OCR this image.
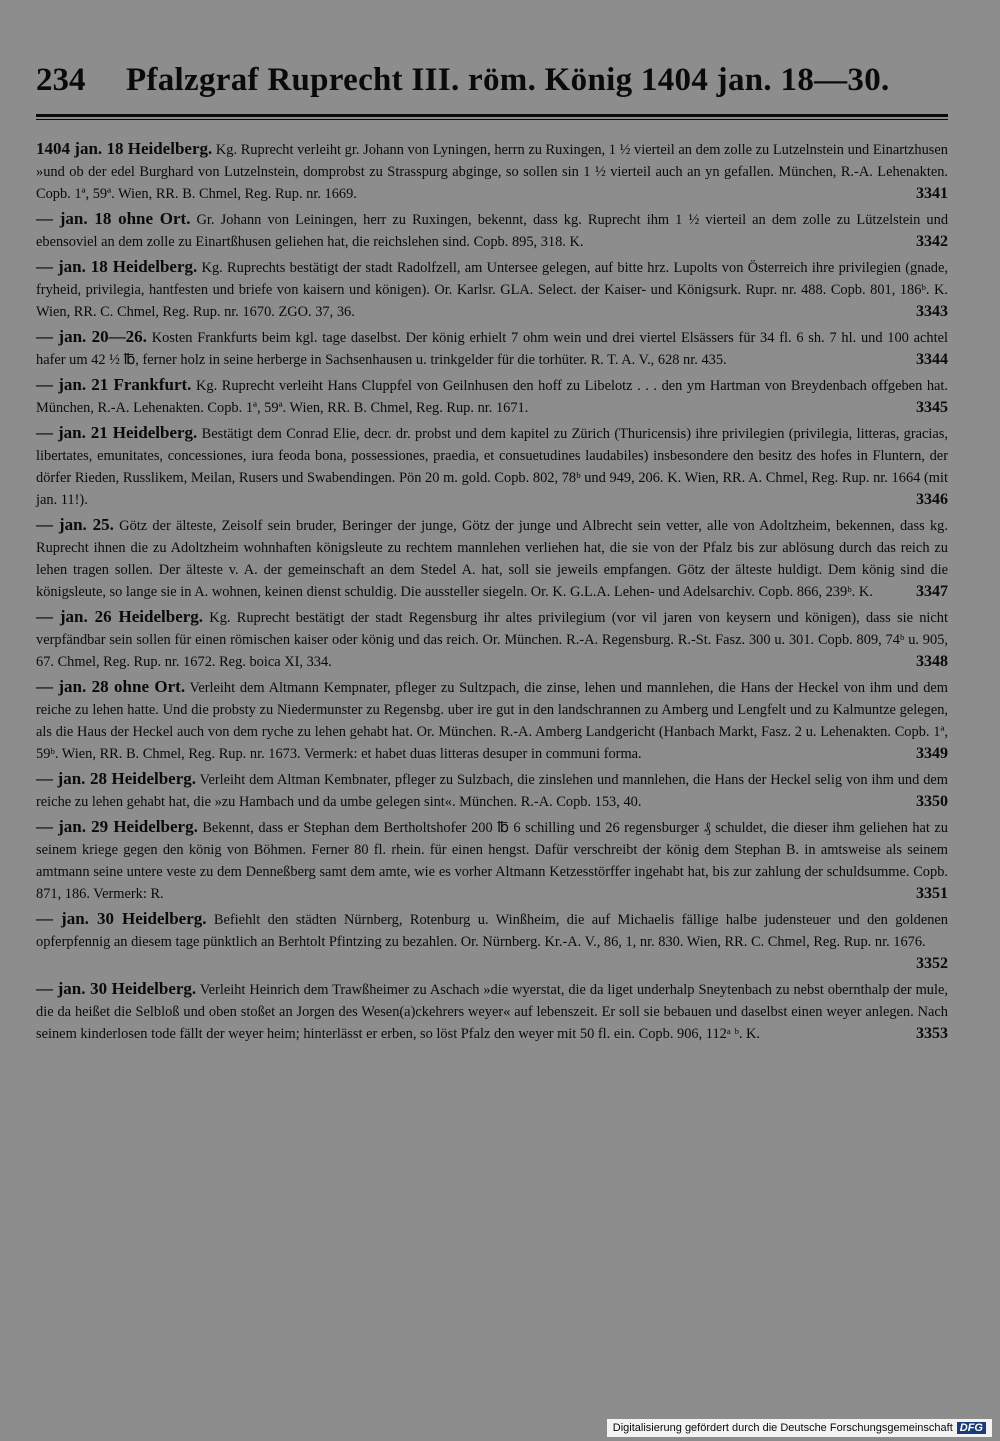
234	Pfalzgraf Ruprecht III. röm. König 1404 jan. 18—30.
1404 jan. 18 Heidelberg. Kg. Ruprecht verleiht gr. Johann von Lyningen, herrn zu Ruxingen, 1 ½ vierteil an dem zolle zu Lutzelnstein und Einartzhusen »und ob der edel Burghard von Lutzelnstein, domprobst zu Strasspurg abginge, so sollen sin 1 ½ vierteil auch an yn gefallen. München, R.-A. Lehenakten. Copb. 1ª, 59ª. Wien, RR. B. Chmel, Reg. Rup. nr. 1669.	3341
— jan. 18 ohne Ort. Gr. Johann von Leiningen, herr zu Ruxingen, bekennt, dass kg. Ruprecht ihm 1 ½ vierteil an dem zolle zu Lützelstein und ebensoviel an dem zolle zu Einartßhusen geliehen hat, die reichslehen sind. Copb. 895, 318. K.	3342
— jan. 18 Heidelberg. Kg. Ruprechts bestätigt der stadt Radolfzell, am Untersee gelegen, auf bitte hrz. Lupolts von Österreich ihre privilegien (gnade, fryheid, privilegia, hantfesten und briefe von kaisern und königen). Or. Karlsr. GLA. Select. der Kaiser- und Königsurk. Rupr. nr. 488. Copb. 801, 186ᵇ. K. Wien, RR. C. Chmel, Reg. Rup. nr. 1670. ZGO. 37, 36.	3343
— jan. 20—26. Kosten Frankfurts beim kgl. tage daselbst. Der könig erhielt 7 ohm wein und drei viertel Elsässers für 34 fl. 6 sh. 7 hl. und 100 achtel hafer um 42 ½ ℔, ferner holz in seine herberge in Sachsenhausen u. trinkgelder für die torhüter. R. T. A. V., 628 nr. 435.	3344
— jan. 21 Frankfurt. Kg. Ruprecht verleiht Hans Cluppfel von Geilnhusen den hoff zu Libelotz . . . den ym Hartman von Breydenbach offgeben hat. München, R.-A. Lehenakten. Copb. 1ª, 59ª. Wien, RR. B. Chmel, Reg. Rup. nr. 1671.	3345
— jan. 21 Heidelberg. Bestätigt dem Conrad Elie, decr. dr. probst und dem kapitel zu Zürich (Thuricensis) ihre privilegien (privilegia, litteras, gracias, libertates, emunitates, concessiones, iura feoda bona, possessiones, praedia, et consuetudines laudabiles) insbesondere den besitz des hofes in Fluntern, der dörfer Rieden, Russlikem, Meilan, Rusers und Swabendingen. Pön 20 m. gold. Copb. 802, 78ᵇ und 949, 206. K. Wien, RR. A. Chmel, Reg. Rup. nr. 1664 (mit jan. 11!).	3346
— jan. 25. Götz der älteste, Zeisolf sein bruder, Beringer der junge, Götz der junge und Albrecht sein vetter, alle von Adoltzheim, bekennen, dass kg. Ruprecht ihnen die zu Adoltzheim wohnhaften königsleute zu rechtem mannlehen verliehen hat, die sie von der Pfalz bis zur ablösung durch das reich zu lehen tragen sollen. Der älteste v. A. der gemeinschaft an dem Stedel A. hat, soll sie jeweils empfangen. Götz der älteste huldigt. Dem könig sind die königsleute, so lange sie in A. wohnen, keinen dienst schuldig. Die aussteller siegeln. Or. K. G.L.A. Lehen- und Adelsarchiv. Copb. 866, 239ᵇ. K.	3347
— jan. 26 Heidelberg. Kg. Ruprecht bestätigt der stadt Regensburg ihr altes privilegium (vor vil jaren von keysern und königen), dass sie nicht verpfändbar sein sollen für einen römischen kaiser oder könig und das reich. Or. München. R.-A. Regensburg. R.-St. Fasz. 300 u. 301. Copb. 809, 74ᵇ u. 905, 67. Chmel, Reg. Rup. nr. 1672. Reg. boica XI, 334.	3348
— jan. 28 ohne Ort. Verleiht dem Altmann Kempnater, pfleger zu Sultzpach, die zinse, lehen und mannlehen, die Hans der Heckel von ihm und dem reiche zu lehen hatte. Und die probsty zu Niedermunster zu Regensbg. uber ire gut in den landschrannen zu Amberg und Lengfelt und zu Kalmuntze gelegen, als die Haus der Heckel auch von dem ryche zu lehen gehabt hat. Or. München. R.-A. Amberg Landgericht (Hanbach Markt, Fasz. 2 u. Lehenakten. Copb. 1ª, 59ᵇ. Wien, RR. B. Chmel, Reg. Rup. nr. 1673. Vermerk: et habet duas litteras desuper in communi forma.	3349
— jan. 28 Heidelberg. Verleiht dem Altman Kembnater, pfleger zu Sulzbach, die zinslehen und mannlehen, die Hans der Heckel selig von ihm und dem reiche zu lehen gehabt hat, die »zu Hambach und da umbe gelegen sint«. München. R.-A. Copb. 153, 40.	3350
— jan. 29 Heidelberg. Bekennt, dass er Stephan dem Bertholtshofer 200 ℔ 6 schilling und 26 regensburger ₰ schuldet, die dieser ihm geliehen hat zu seinem kriege gegen den könig von Böhmen. Ferner 80 fl. rhein. für einen hengst. Dafür verschreibt der könig dem Stephan B. in amtsweise als seinem amtmann seine untere veste zu dem Denneßberg samt dem amte, wie es vorher Altmann Ketzesstörffer ingehabt hat, bis zur zahlung der schuldsumme. Copb. 871, 186. Vermerk: R.	3351
— jan. 30 Heidelberg. Befiehlt den städten Nürnberg, Rotenburg u. Winßheim, die auf Michaelis fällige halbe judensteuer und den goldenen opferpfennig an diesem tage pünktlich an Berhtolt Pfintzing zu bezahlen. Or. Nürnberg. Kr.-A. V., 86, 1, nr. 830. Wien, RR. C. Chmel, Reg. Rup. nr. 1676.
3352
— jan. 30 Heidelberg. Verleiht Heinrich dem Trawßheimer zu Aschach »die wyerstat, die da liget underhalp Sneytenbach zu nebst obernthalp der mule, die da heißet die Selbloß und oben stoßet an Jorgen des Wesen(a)ckehrers weyer« auf lebenszeit. Er soll sie bebauen und daselbst einen weyer anlegen. Nach seinem kinderlosen tode fällt der weyer heim; hinterlässt er erben, so löst Pfalz den weyer mit 50 fl. ein. Copb. 906, 112ᵃ ᵇ. K.	3353
Digitalisierung gefördert durch die Deutsche Forschungsgemeinschaft DFG
